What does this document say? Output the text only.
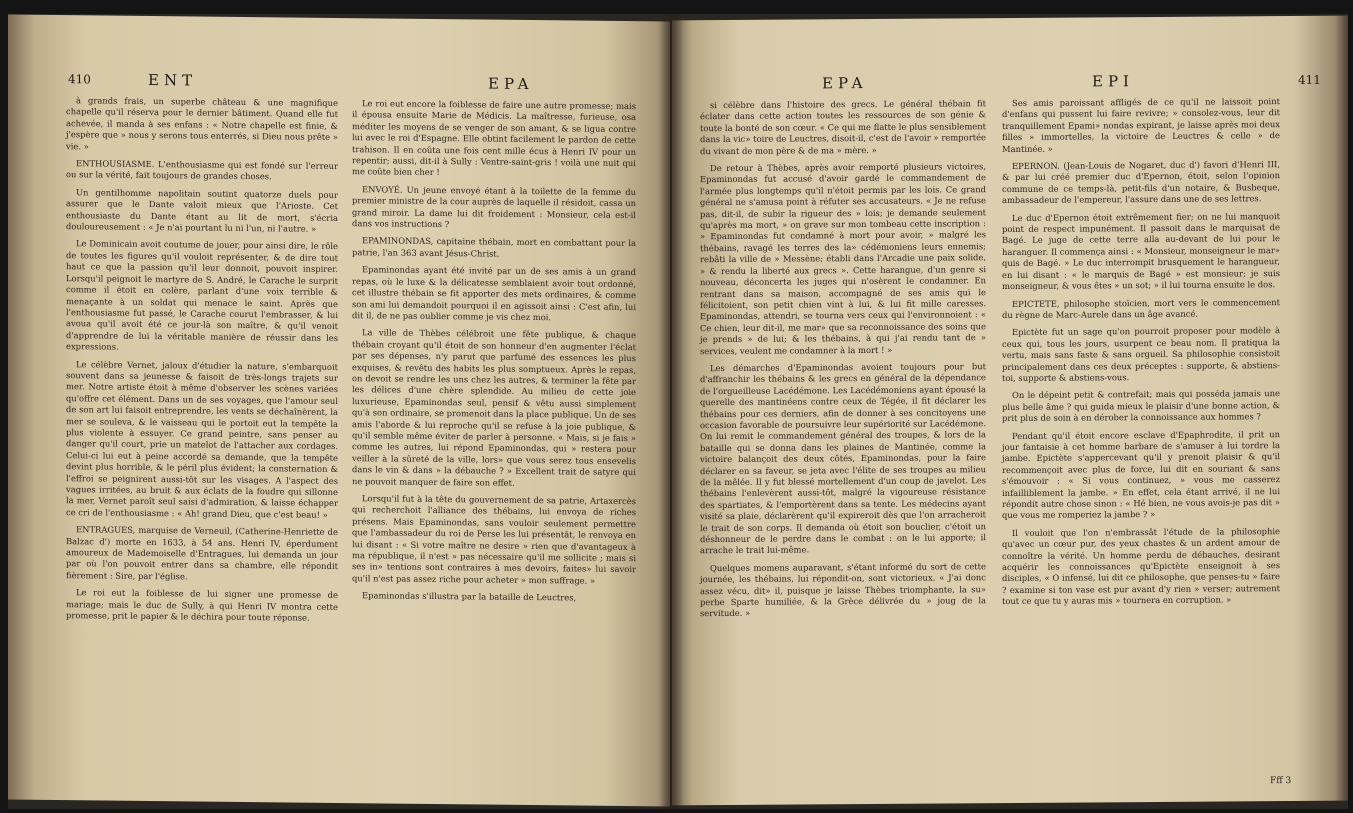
410	ENT	EPA

à grands frais, un superbe château & une magnifique chapelle qu'il réserva pour le dernier bâtiment. Quand elle fut achevée, il manda à ses enfans : « Notre chapelle est finie, & j'espère que » nous y serons tous enterrés, si Dieu nous prête » vie. »

ENTHOUSIASME. L'enthousiasme qui est fondé sur l'erreur ou sur la vérité, fait toujours de grandes choses.

Un gentilhomme napolitain soutint quatorze duels pour assurer que le Dante valoit mieux que l'Arioste. Cet enthousiaste du Dante étant au lit de mort, s'écria douloureusement : « Je n'ai pourtant lu ni l'un, ni l'autre. »

Le Dominicain avoit coutume de jouer, pour ainsi dire, le rôle de toutes les figures qu'il vouloit représenter, & de dire tout haut ce que la passion qu'il leur donnoit, pouvoit inspirer. Lorsqu'il peignoit le martyre de S. André, le Carache le surprit comme il étoit en colère, parlant d'une voix terrible & menaçante à un soldat qui menace le saint. Après que l'enthousiasme fut passé, le Carache courut l'embrasser, & lui avoua qu'il avoit été ce jour-là son maître, & qu'il venoit d'apprendre de lui la véritable manière de réussir dans les expressions.

Le célèbre Vernet, jaloux d'étudier la nature, s'embarquoit souvent dans sa jeunesse & faisoit de très-longs trajets sur mer. Notre artiste étoit à même d'observer les scènes variées qu'offre cet élément. Dans un de ses voyages, que l'amour seul de son art lui faisoit entreprendre, les vents se déchaînèrent, la mer se souleva, & le vaisseau qui le portoit eut la tempête la plus violente à essuyer. Ce grand peintre, sans penser au danger qu'il court, prie un matelot de l'attacher aux cordages. Celui-ci lui eut à peine accordé sa demande, que la tempête devint plus horrible, & le péril plus évident; la consternation & l'effroi se peignirent aussi-tôt sur les visages. A l'aspect des vagues irritées, au bruit & aux éclats de la foudre qui sillonne la mer, Vernet paroît seul saisi d'admiration, & laisse échapper ce cri de l'enthousiasme : « Ah! grand Dieu, que c'est beau! »

ENTRAGUES, marquise de Verneuil, (Catherine-Henriette de Balzac d') morte en 1633, à 54 ans. Henri IV, éperdument amoureux de Mademoiselle d'Entragues, lui demanda un jour par où l'on pouvoit entrer dans sa chambre, elle répondit fièrement : Sire, par l'église.

Le roi eut la foiblesse de lui signer une promesse de mariage; mais le duc de Sully, à qui Henri IV montra cette promesse, prit le papier & le déchira pour toute réponse.

Le roi eut encore la foiblesse de faire une autre promesse; mais il épousa ensuite Marie de Médicis. La maîtresse, furieuse, osa méditer les moyens de se venger de son amant, & se ligua contre lui avec le roi d'Espagne. Elle obtint facilement le pardon de cette trahison. Il en coûta une fois cent mille écus à Henri IV pour un repentir; aussi, dit-il à Sully : Ventre-saint-gris ! voilà une nuit qui me coûte bien cher !

ENVOYÉ. Un jeune envoyé étant à la toilette de la femme du premier ministre de la cour auprès de laquelle il résidoit, cassa un grand miroir. La dame lui dit froidement : Monsieur, cela est-il dans vos instructions ?

EPAMINONDAS, capitaine thébain, mort en combattant pour la patrie, l'an 363 avant Jésus-Christ.

Epaminondas ayant été invité par un de ses amis à un grand repas, où le luxe & la délicatesse semblaient avoir tout ordonné, cet illustre thébain se fit apporter des mets ordinaires, & comme son ami lui demandoit pourquoi il en agissoit ainsi : C'est afin, lui dit il, de ne pas oublier comme je vis chez moi.

La ville de Thèbes célébroit une fête publique, & chaque thébain croyant qu'il étoit de son honneur d'en augmenter l'éclat par ses dépenses, n'y parut que parfumé des essences les plus exquises, & revêtu des habits les plus somptueux. Après le repas, on devoit se rendre les uns chez les autres, & terminer la fête par les délices d'une chère splendide. Au milieu de cette joie luxurieuse, Epaminondas seul, pensif & vêtu aussi simplement qu'à son ordinaire, se promenoit dans la place publique. Un de ses amis l'aborde & lui reproche qu'il se refuse à la joie publique, & qu'il semble même éviter de parler à personne. « Mais, si je fais » comme les autres, lui répond Epaminondas, qui » restera pour veiller à la sûreté de la ville, lors» que vous serez tous ensevelis dans le vin & dans » la débauche ? » Excellent trait de satyre qui ne pouvoit manquer de faire son effet.

Lorsqu'il fut à la tête du gouvernement de sa patrie, Artaxercès qui recherchoit l'alliance des thébains, lui envoya de riches présens. Mais Epaminondas, sans vouloir seulement permettre que l'ambassadeur du roi de Perse les lui présentât, le renvoya en lui disant : « Si votre maître ne desire » rien que d'avantageux à ma république, il n'est » pas nécessaire qu'il me sollicite ; mais si ses in» tentions sont contraires à mes devoirs, faites» lui savoir qu'il n'est pas assez riche pour acheter » mon suffrage. »

Epaminondas s'illustra par la bataille de Leuctres,

EPA	EPI	411

si célèbre dans l'histoire des grecs. Le général thébain fit éclater dans cette action toutes les ressources de son génie & toute la bonté de son cœur. « Ce qui me flatte le plus sensiblement dans la vic» toire de Leuctres, disoit-il, c'est de l'avoir » remportée du vivant de mon père & de ma » mère. »

De retour à Thèbes, après avoir remporté plusieurs victoires, Epaminondas fut accusé d'avoir gardé le commandement de l'armée plus longtemps qu'il n'étoit permis par les lois. Ce grand général ne s'amusa point à réfuter ses accusateurs. « Je ne refuse pas, dit-il, de subir la rigueur des » lois; je demande seulement qu'après ma mort, » on grave sur mon tombeau cette inscription : » Epaminondas fut condamné à mort pour avoir, » malgré les thébains, ravagé les terres des la» cédémoniens leurs ennemis; rebâti la ville de » Messène; établi dans l'Arcadie une paix solide, » & rendu la liberté aux grecs ». Cette harangue, d'un genre si nouveau, déconcerta les juges qui n'osèrent le condamner. En rentrant dans sa maison, accompagné de ses amis qui le félicitoient, son petit chien vint à lui, & lui fit mille caresses. Epaminondas, attendri, se tourna vers ceux qui l'environnoient : « Ce chien, leur dit-il, me mar» que sa reconnoissance des soins que je prends » de lui; & les thébains, à qui j'ai rendu tant de » services, veulent me condamner à la mort ! »

Les démarches d'Epaminondas avoient toujours pour but d'affranchir les thébains & les grecs en général de la dépendance de l'orgueilleuse Lacédémone. Les Lacédémoniens ayant épousé la querelle des mantinéens contre ceux de Tégée, il fit déclarer les thébains pour ces derniers, afin de donner à ses concitoyens une occasion favorable de poursuivre leur supériorité sur Lacédémone. On lui remit le commandement général des troupes, & lors de la bataille qui se donna dans les plaines de Mantinée, comme la victoire balançoit des deux côtés, Epaminondas, pour la faire déclarer en sa faveur, se jeta avec l'élite de ses troupes au milieu de la mêlée. Il y fut blessé mortellement d'un coup de javelot. Les thébains l'enlevèrent aussi-tôt, malgré la vigoureuse résistance des spartiates, & l'emportèrent dans sa tente. Les médecins ayant visité sa plaie, déclarèrent qu'il expireroit dès que l'on arracheroit le trait de son corps. Il demanda où étoit son bouclier, c'étoit un déshonneur de le perdre dans le combat : on le lui apporte; il arrache le trait lui-même.

Quelques momens auparavant, s'étant informé du sort de cette journée, les thébains, lui répondit-on, sont victorieux. « J'ai donc assez vécu, dit» il, puisque je laisse Thèbes triomphante, la su» perbe Sparte humiliée, & la Grèce délivrée du » joug de la servitude. »

Ses amis paroissant affligés de ce qu'il ne laissoit point d'enfans qui pussent lui faire revivre; » consolez-vous, leur dit tranquillement Epami» nondas expirant, je laisse après moi deux filles » immortelles, la victoire de Leuctres & celle » de Mantinée. »

EPERNON. (Jean-Louis de Nogaret, duc d') favori d'Henri III, & par lui créé premier duc d'Epernon, étoit, selon l'opinion commune de ce temps-là, petit-fils d'un notaire, & Busbeque, ambassadeur de l'empereur, l'assure dans une de ses lettres.

Le duc d'Epernon étoit extrêmement fier; on ne lui manquoit point de respect impunément. Il passoit dans le marquisat de Bagé. Le juge de cette terre alla au-devant de lui pour le haranguer. Il commença ainsi : « Monsieur, monseigneur le mar» quis de Bagé. » Le duc interrompit brusquement le harangueur, en lui disant : « le marquis de Bagé » est monsieur; je suis monseigneur, & vous êtes » un sot; » il lui tourna ensuite le dos.

EPICTETE, philosophe stoïcien, mort vers le commencement du règne de Marc-Aurele dans un âge avancé.

Epictète fut un sage qu'on pourroit proposer pour modèle à ceux qui, tous les jours, usurpent ce beau nom. Il pratiqua la vertu, mais sans faste & sans orgueil. Sa philosophie consistoit principalement dans ces deux préceptes : supporte, & abstiens-toi, supporte & abstiens-vous.

On le dépeint petit & contrefait; mais qui posséda jamais une plus belle âme ? qui guida mieux le plaisir d'une bonne action, & prit plus de soin à en dérober la connoissance aux hommes ?

Pendant qu'il étoit encore esclave d'Epaphrodite, il prit un jour fantaisie à cet homme barbare de s'amuser à lui tordre la jambe. Epictète s'appercevant qu'il y prenoit plaisir & qu'il recommençoit avec plus de force, lui dit en souriant & sans s'émouvoir : « Si vous continuez, » vous me casserez infailliblement la jambe. » En effet, cela étant arrivé, il ne lui répondit autre chose sinon : « Hé bien, ne vous avois-je pas dit » que vous me romperiez la jambe ? »

Il vouloit que l'on n'embrassât l'étude de la philosophie qu'avec un cœur pur, des yeux chastes & un ardent amour de connoître la vérité. Un homme perdu de débauches, desirant acquérir les connoissances qu'Epictète enseignoit à ses disciples, « O infensé, lui dit ce philosophe, que penses-tu » faire ? examine si ton vase est pur avant d'y rien » verser; autrement tout ce que tu y auras mis » tournera en corruption. »

Fff 3
